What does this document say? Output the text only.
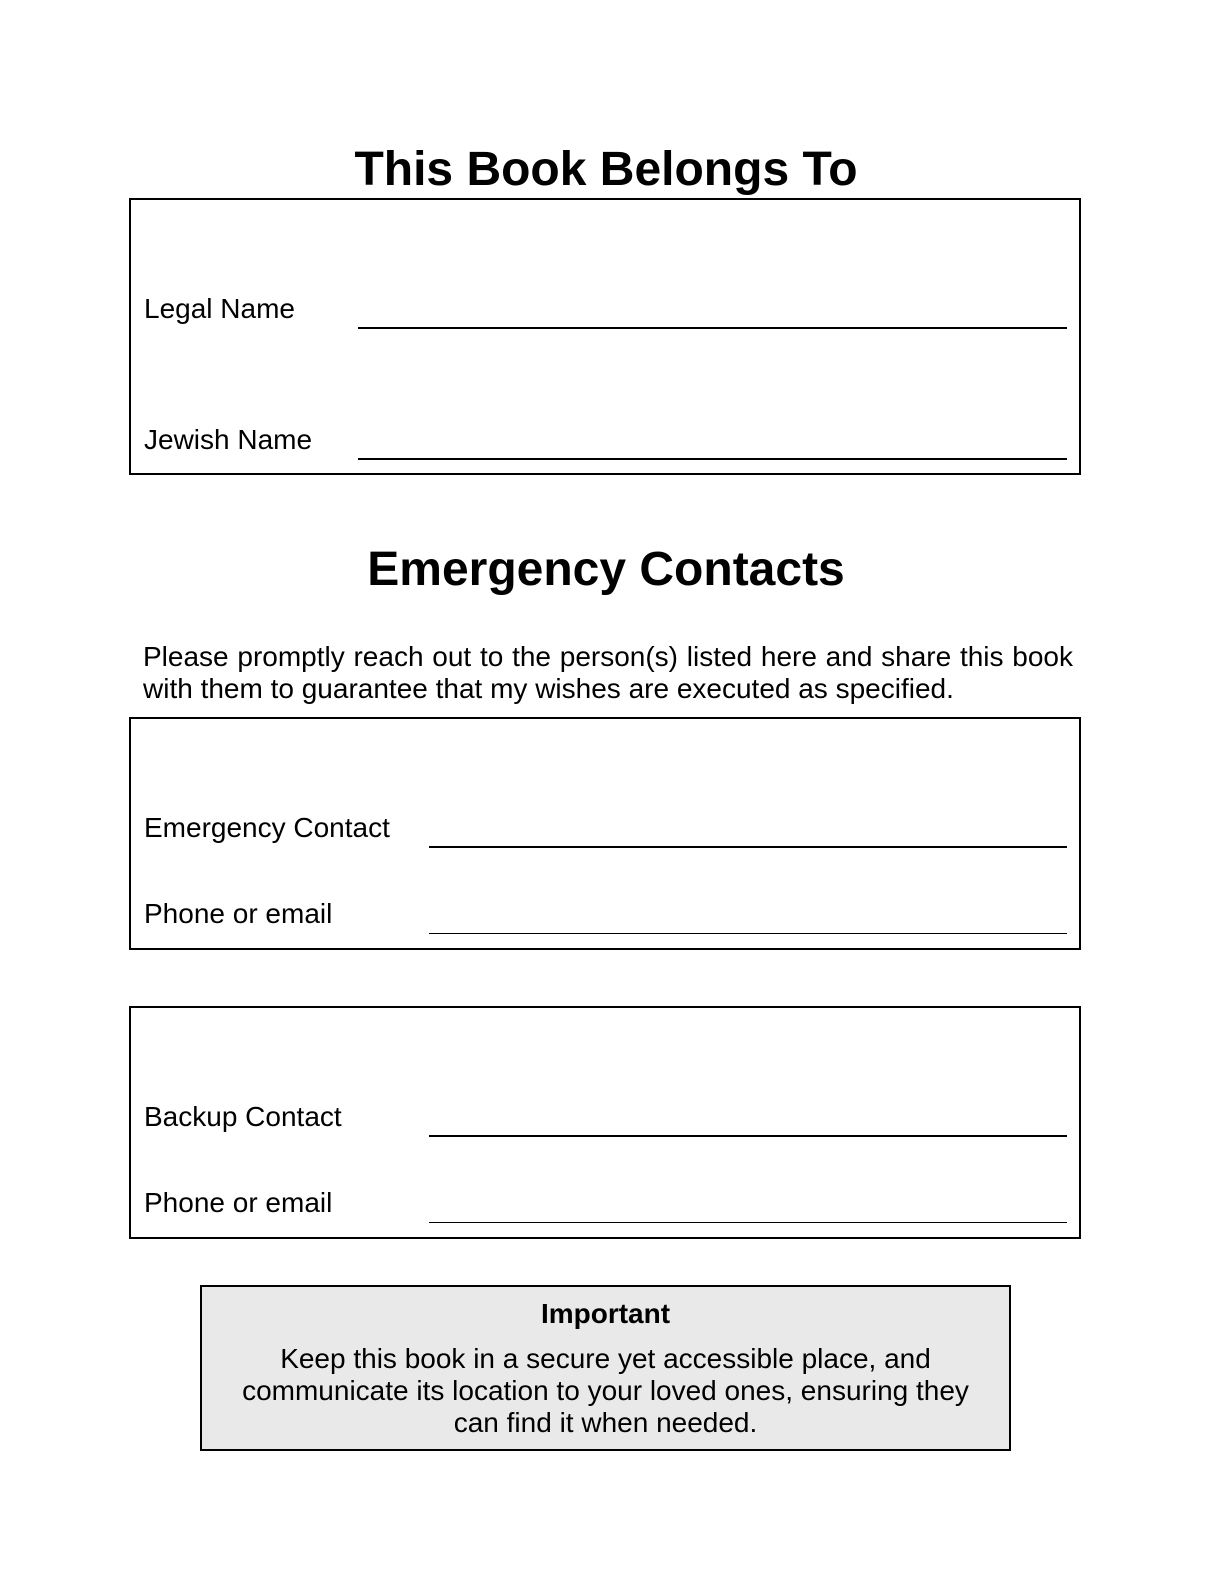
This Book Belongs To
Legal Name
Jewish Name
Emergency Contacts

Please promptly reach out to the person(s) listed here and share this book with them to guarantee that my wishes are executed as specified.

Emergency Contact
Phone or email
Backup Contact
Phone or email
Important
Keep this book in a secure yet accessible place, and communicate its location to your loved ones, ensuring they can find it when needed.
